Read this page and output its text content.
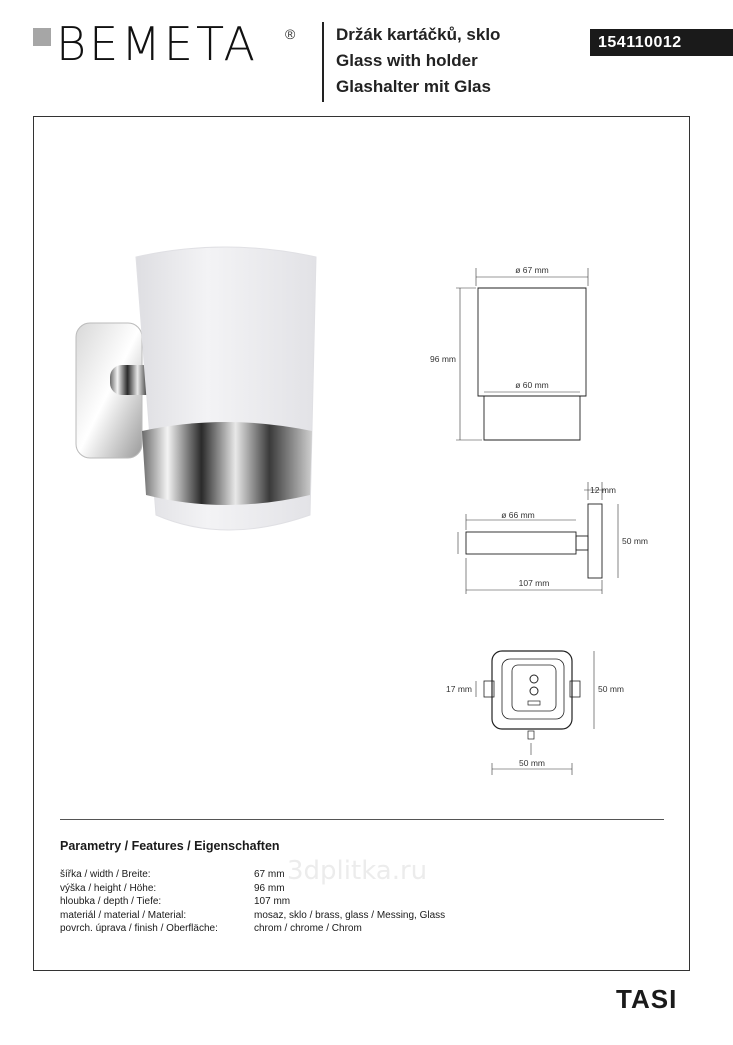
BEMETA ® Držák kartáčků, sklo
Glass with holder
Glashalter mit Glas
154110012
ø 67 mm
ø 60 mm
96 mm
ø 66 mm
12 mm
50 mm
107 mm
17 mm	50 mm
50 mm
Parametry / Features / Eigenschaften
3dplitka.ru
šířka / width / Breite:	67 mm
výška / height / Höhe:	96 mm
hloubka / depth / Tiefe:	107 mm
materiál / material / Material:	mosaz, sklo / brass, glass / Messing, Glass
povrch. úprava / finish / Oberfläche:	chrom / chrome / Chrom
TASI
